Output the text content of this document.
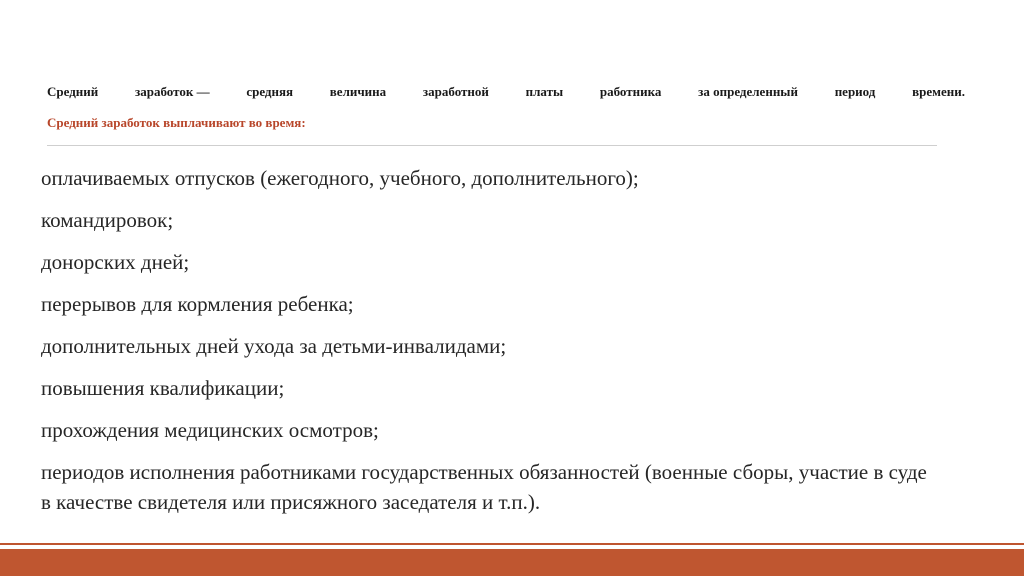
Средний	заработок —	средняя	величина	заработной	платы	работника	за определенный	период	времени.
Средний заработок выплачивают во время:
оплачиваемых отпусков (ежегодного, учебного, дополнительного);
командировок;
донорских дней;
перерывов для кормления ребенка;
дополнительных дней ухода за детьми-инвалидами;
повышения квалификации;
прохождения медицинских осмотров;
периодов исполнения работниками государственных обязанностей (военные сборы, участие в суде в качестве свидетеля или присяжного заседателя и т.п.).
